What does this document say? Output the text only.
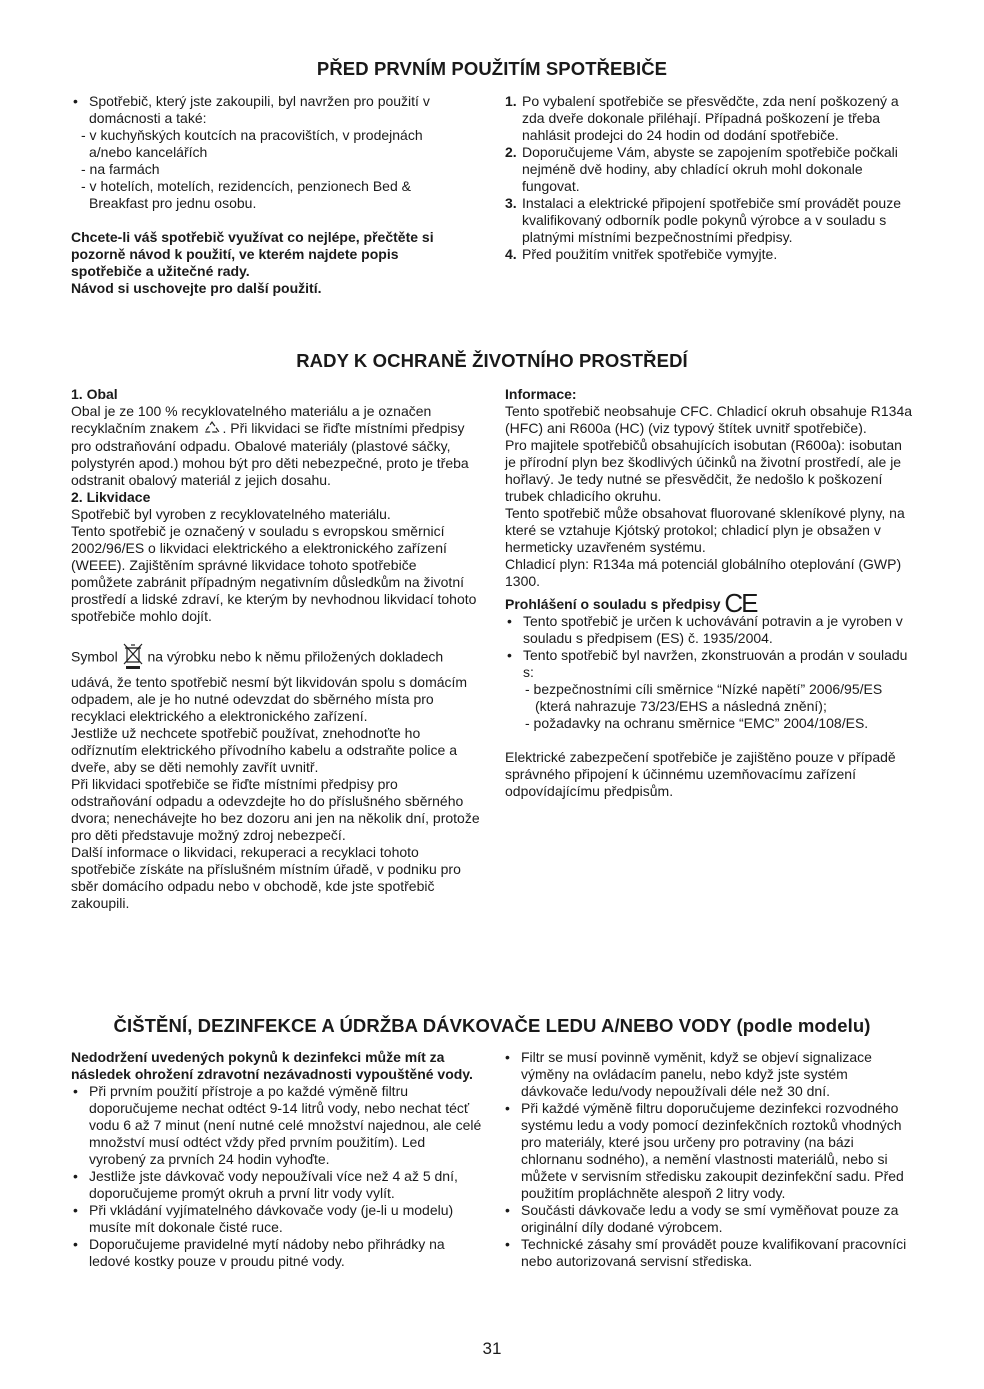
PŘED PRVNÍM POUŽITÍM SPOTŘEBIČE

• Spotřebič, který jste zakoupili, byl navržen pro použití v domácnosti a také:

- v kuchyňských koutcích na pracovištích, v prodejnách a/nebo kancelářích

- na farmách

- v hotelích, motelích, rezidencích, penzionech Bed & Breakfast pro jednu osobu.

Chcete-li váš spotřebič využívat co nejlépe, přečtěte si pozorně návod k použití, ve kterém najdete popis spotřebiče a užitečné rady.

Návod si uschovejte pro další použití.

1. Po vybalení spotřebiče se přesvědčte, zda není poškozený a zda dveře dokonale přiléhají. Případná poškození je třeba nahlásit prodejci do 24 hodin od dodání spotřebiče.

2. Doporučujeme Vám, abyste se zapojením spotřebiče počkali nejméně dvě hodiny, aby chladící okruh mohl dokonale fungovat.

3. Instalaci a elektrické připojení spotřebiče smí provádět pouze kvalifikovaný odborník podle pokynů výrobce a v souladu s platnými místními bezpečnostními předpisy.

4. Před použitím vnitřek spotřebiče vymyjte.

RADY K OCHRANĚ ŽIVOTNÍHO PROSTŘEDÍ

1. Obal

Obal je ze 100 % recyklovatelného materiálu a je označen recyklačním znakem . Při likvidaci se řiďte místními předpisy pro odstraňování odpadu. Obalové materiály (plastové sáčky, polystyrén apod.) mohou být pro děti nebezpečné, proto je třeba odstranit obalový materiál z jejich dosahu.

2. Likvidace

Spotřebič byl vyroben z recyklovatelného materiálu.

Tento spotřebič je označený v souladu s evropskou směrnicí 2002/96/ES o likvidaci elektrického a elektronického zařízení (WEEE). Zajištěním správné likvidace tohoto spotřebiče pomůžete zabránit případným negativním důsledkům na životní prostředí a lidské zdraví, ke kterým by nevhodnou likvidací tohoto spotřebiče mohlo dojít.

Symbol na výrobku nebo k němu přiložených dokladech udává, že tento spotřebič nesmí být likvidován spolu s domácím odpadem, ale je ho nutné odevzdat do sběrného místa pro recyklaci elektrického a elektronického zařízení.

Jestliže už nechcete spotřebič používat, znehodnoťte ho odříznutím elektrického přívodního kabelu a odstraňte police a dveře, aby se děti nemohly zavřít uvnitř.

Při likvidaci spotřebiče se řiďte místními předpisy pro odstraňování odpadu a odevzdejte ho do příslušného sběrného dvora; nenechávejte ho bez dozoru ani jen na několik dní, protože pro děti představuje možný zdroj nebezpečí.

Další informace o likvidaci, rekuperaci a recyklaci tohoto spotřebiče získáte na příslušném místním úřadě, v podniku pro sběr domácího odpadu nebo v obchodě, kde jste spotřebič zakoupili.

Informace:

Tento spotřebič neobsahuje CFC. Chladicí okruh obsahuje R134a (HFC) ani R600a (HC) (viz typový štítek uvnitř spotřebiče).

Pro majitele spotřebičů obsahujících isobutan (R600a): isobutan je přírodní plyn bez škodlivých účinků na životní prostředí, ale je hořlavý. Je tedy nutné se přesvědčit, že nedošlo k poškození trubek chladicího okruhu.

Tento spotřebič může obsahovat fluorované skleníkové plyny, na které se vztahuje Kjótský protokol; chladicí plyn je obsažen v hermeticky uzavřeném systému.

Chladicí plyn: R134a má potenciál globálního oteplování (GWP) 1300.

Prohlášení o souladu s předpisy CE

• Tento spotřebič je určen k uchovávání potravin a je vyroben v souladu s předpisem (ES) č. 1935/2004.

• Tento spotřebič byl navržen, zkonstruován a prodán v souladu s:

- bezpečnostními cíli směrnice “Nízké napětí” 2006/95/ES (která nahrazuje 73/23/EHS a následná znění);

- požadavky na ochranu směrnice “EMC” 2004/108/ES.

Elektrické zabezpečení spotřebiče je zajištěno pouze v případě správného připojení k účinnému uzemňovacímu zařízení odpovídajícímu předpisům.

ČIŠTĚNÍ, DEZINFEKCE A ÚDRŽBA DÁVKOVAČE LEDU A/NEBO VODY (podle modelu)

Nedodržení uvedených pokynů k dezinfekci může mít za následek ohrožení zdravotní nezávadnosti vypouštěné vody.

• Při prvním použití přístroje a po každé výměně filtru doporučujeme nechat odtéct 9-14 litrů vody, nebo nechat técť vodu 6 až 7 minut (není nutné celé množství najednou, ale celé množství musí odtéct vždy před prvním použitím). Led vyrobený za prvních 24 hodin vyhoďte.

• Jestliže jste dávkovač vody nepoužívali více než 4 až 5 dní, doporučujeme promýt okruh a první litr vody vylít.

• Při vkládání vyjímatelného dávkovače vody (je-li u modelu) musíte mít dokonale čisté ruce.

• Doporučujeme pravidelné mytí nádoby nebo přihrádky na ledové kostky pouze v proudu pitné vody.

• Filtr se musí povinně vyměnit, když se objeví signalizace výměny na ovládacím panelu, nebo když jste systém dávkovače ledu/vody nepoužívali déle než 30 dní.

• Při každé výměně filtru doporučujeme dezinfekci rozvodného systému ledu a vody pomocí dezinfekčních roztoků vhodných pro materiály, které jsou určeny pro potraviny (na bázi chlornanu sodného), a nemění vlastnosti materiálů, nebo si můžete v servisním středisku zakoupit dezinfekční sadu. Před použitím propláchněte alespoň 2 litry vody.

• Součásti dávkovače ledu a vody se smí vyměňovat pouze za originální díly dodané výrobcem.

• Technické zásahy smí provádět pouze kvalifikovaní pracovníci nebo autorizovaná servisní střediska.

31
